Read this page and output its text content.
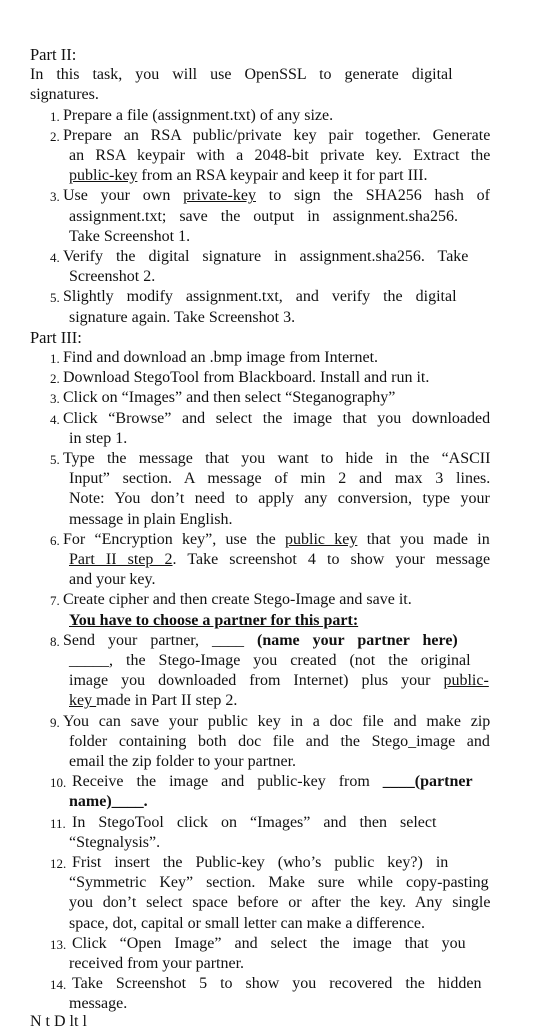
Part II:
In this task, you will use OpenSSL to generate digital
signatures.
1. Prepare a file (assignment.txt) of any size.
2. Prepare an RSA public/private key pair together. Generate
an RSA keypair with a 2048-bit private key. Extract the
public-key from an RSA keypair and keep it for part III.
3. Use your own private-key to sign the SHA256 hash of
assignment.txt; save the output in assignment.sha256.
Take Screenshot 1.
4. Verify the digital signature in assignment.sha256. Take
Screenshot 2.
5. Slightly modify assignment.txt, and verify the digital
signature again. Take Screenshot 3.
Part III:
1. Find and download an .bmp image from Internet.
2. Download StegoTool from Blackboard. Install and run it.
3. Click on “Images” and then select “Steganography”
4. Click “Browse” and select the image that you downloaded
in step 1.
5. Type the message that you want to hide in the “ASCII
Input” section. A message of min 2 and max 3 lines.
Note: You don’t need to apply any conversion, type your
message in plain English.
6. For “Encryption key”, use the public key that you made in
Part II step 2. Take screenshot 4 to show your message
and your key.
7. Create cipher and then create Stego-Image and save it.
You have to choose a partner for this part:
8. Send your partner, ____ (name your partner here)
_____, the Stego-Image you created (not the original
image you downloaded from Internet) plus your public-
key made in Part II step 2.
9. You can save your public key in a doc file and make zip
folder containing both doc file and the Stego_image and
email the zip folder to your partner.
10. Receive the image and public-key from ____(partner
name)____.
11. In StegoTool click on “Images” and then select
“Stegnalysis”.
12. Frist insert the Public-key (who’s public key?) in
“Symmetric Key” section. Make sure while copy-pasting
you don’t select space before or after the key. Any single
space, dot, capital or small letter can make a difference.
13. Click “Open Image” and select the image that you
received from your partner.
14. Take Screenshot 5 to show you recovered the hidden
message.
N t D lt l
